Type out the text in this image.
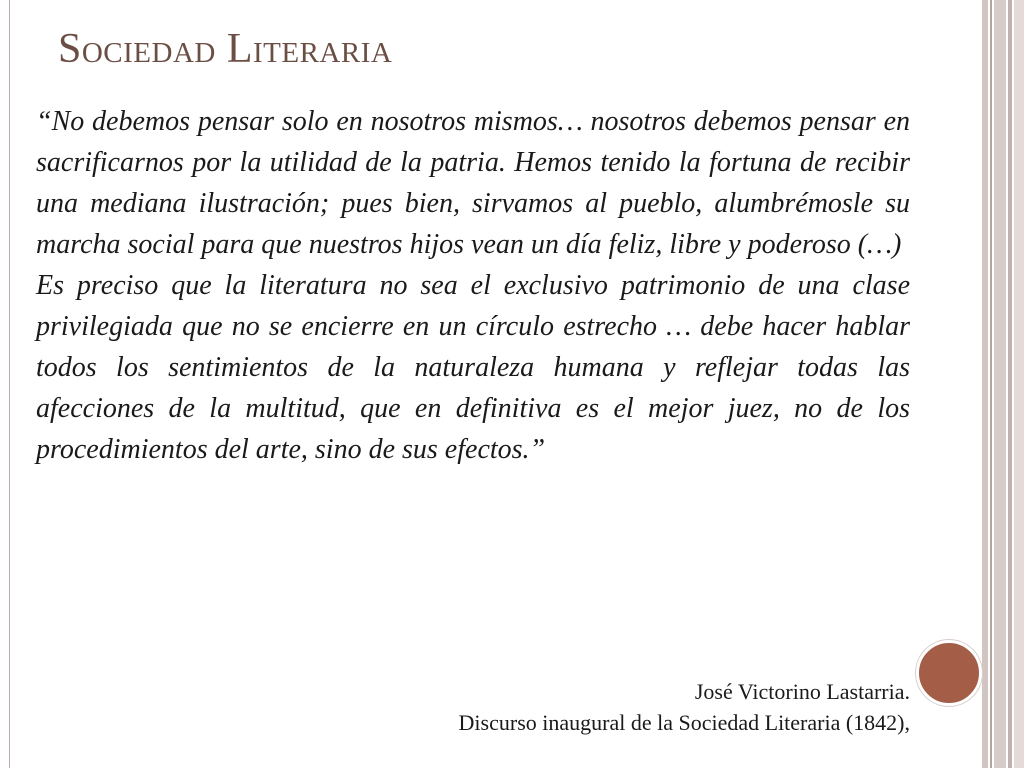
Sociedad Literaria

“No debemos pensar solo en nosotros mismos… nosotros debemos pensar en sacrificarnos por la utilidad de la patria. Hemos tenido la fortuna de recibir una mediana ilustración; pues bien, sirvamos al pueblo, alumbrémosle su marcha social para que nuestros hijos vean un día feliz, libre y poderoso (…)

Es preciso que la literatura no sea el exclusivo patrimonio de una clase privilegiada que no se encierre en un círculo estrecho … debe hacer hablar todos los sentimientos de la naturaleza humana y reflejar todas las afecciones de la multitud, que en definitiva es el mejor juez, no de los procedimientos del arte, sino de sus efectos.”

José Victorino Lastarria.
Discurso inaugural de la Sociedad Literaria (1842),
